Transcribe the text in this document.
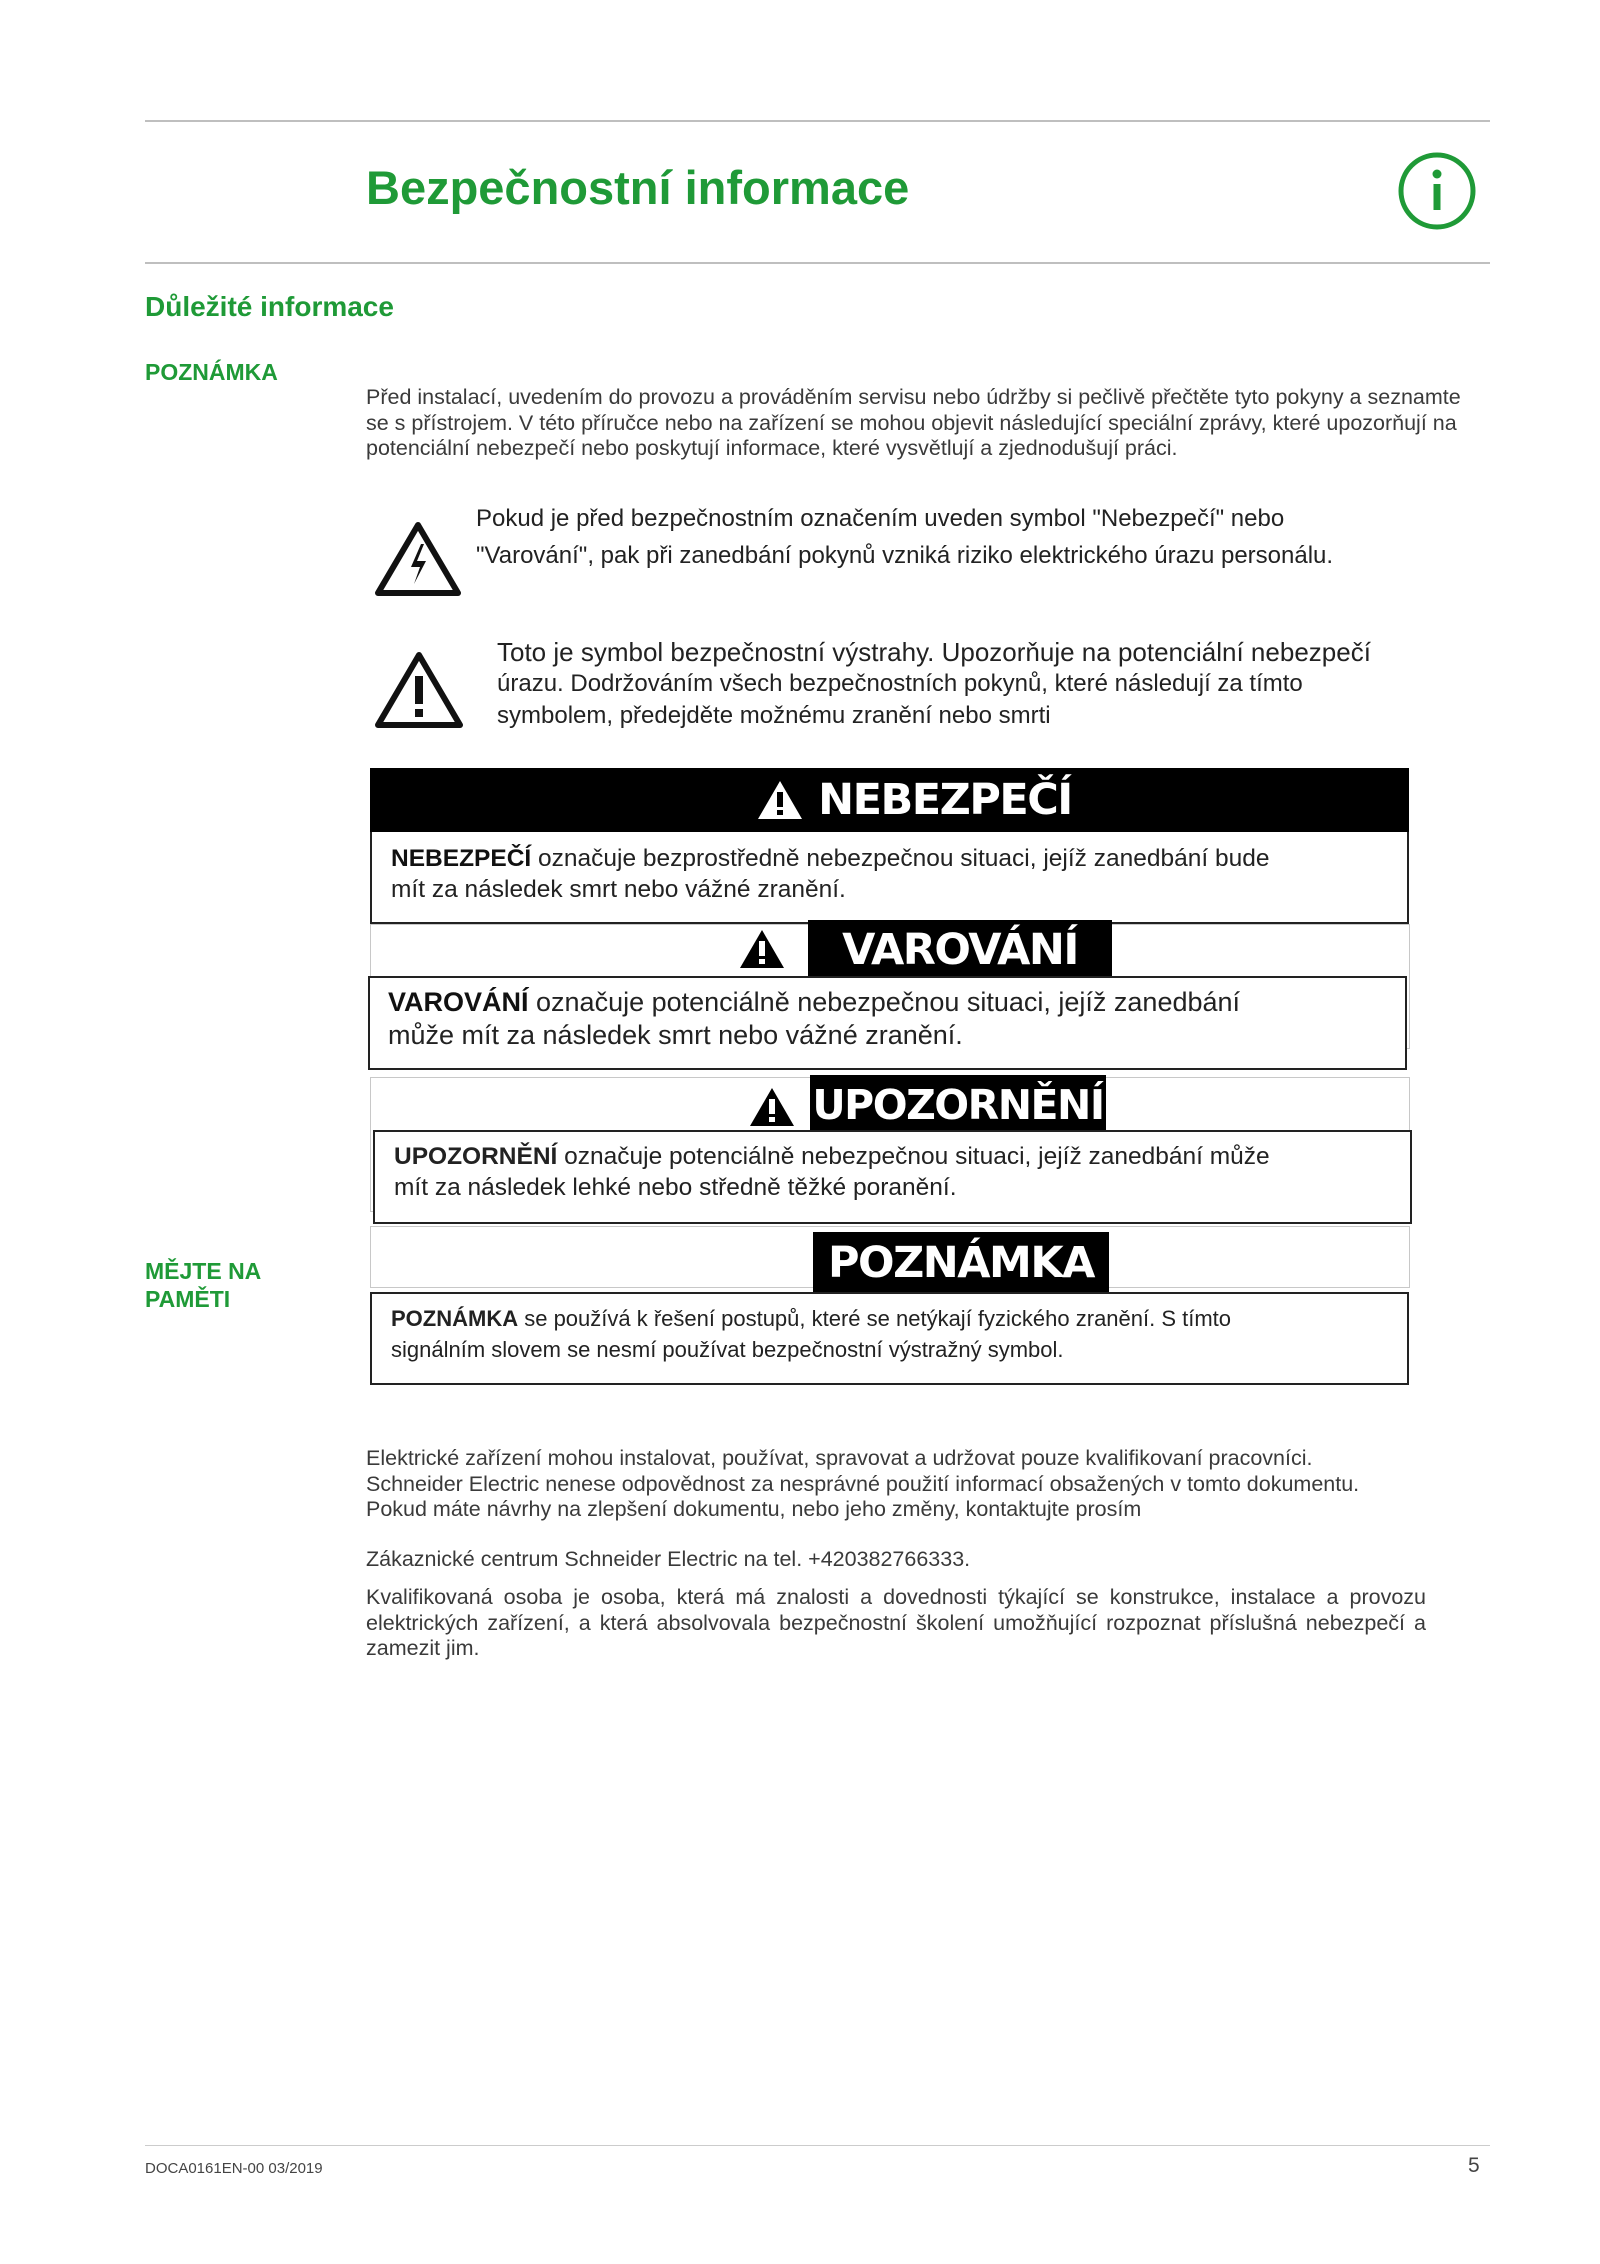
Bezpečnostní informace
Důležité informace
POZNÁMKA
MĚJTE NA
PAMĚTI

Před instalací, uvedením do provozu a prováděním servisu nebo údržby si pečlivě přečtěte tyto pokyny a seznamte se s přístrojem. V této příručce nebo na zařízení se mohou objevit následující speciální zprávy, které upozorňují na potenciální nebezpečí nebo poskytují informace, které vysvětlují a zjednodušují práci.

Pokud je před bezpečnostním označením uveden symbol "Nebezpečí" nebo
"Varování", pak při zanedbání pokynů vzniká riziko elektrického úrazu personálu.
Toto je symbol bezpečnostní výstrahy. Upozorňuje na potenciální nebezpečí
úrazu. Dodržováním všech bezpečnostních pokynů, které následují za tímto
symbolem, předejděte možnému zranění nebo smrti
NEBEZPEČÍ
NEBEZPEČÍ označuje bezprostředně nebezpečnou situaci, jejíž zanedbání bude
mít za následek smrt nebo vážné zranění.
VAROVÁNÍ
VAROVÁNÍ označuje potenciálně nebezpečnou situaci, jejíž zanedbání
může mít za následek smrt nebo vážné zranění.
UPOZORNĚNÍ
UPOZORNĚNÍ označuje potenciálně nebezpečnou situaci, jejíž zanedbání může
mít za následek lehké nebo středně těžké poranění.
POZNÁMKA
POZNÁMKA se používá k řešení postupů, které se netýkají fyzického zranění. S tímto
signálním slovem se nesmí používat bezpečnostní výstražný symbol.
Elektrické zařízení mohou instalovat, používat, spravovat a udržovat pouze kvalifikovaní pracovníci.
Schneider Electric nenese odpovědnost za nesprávné použití informací obsažených v tomto dokumentu.
Pokud máte návrhy na zlepšení dokumentu, nebo jeho změny, kontaktujte prosím

Zákaznické centrum Schneider Electric na tel. +420382766333.

Kvalifikovaná osoba je osoba, která má znalosti a dovednosti týkající se konstrukce, instalace a provozu elektrických zařízení, a která absolvovala bezpečnostní školení umožňující rozpoznat příslušná nebezpečí a zamezit jim.

DOCA0161EN-00 03/2019	5
